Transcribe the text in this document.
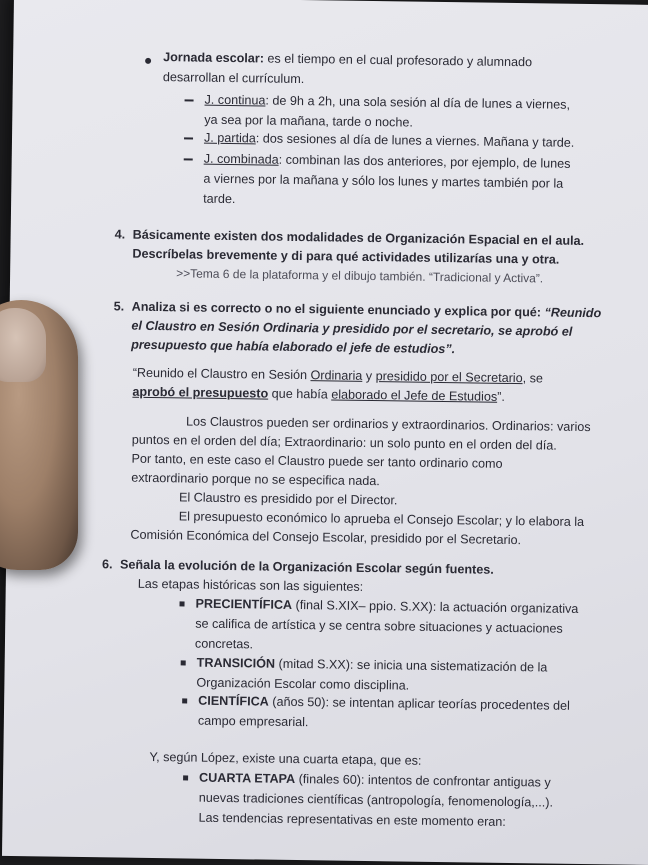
Jornada escolar: es el tiempo en el cual profesorado y alumnado
desarrollan el currículum.
J. continua: de 9h a 2h, una sola sesión al día de lunes a viernes,
ya sea por la mañana, tarde o noche.
J. partida: dos sesiones al día de lunes a viernes. Mañana y tarde.
J. combinada: combinan las dos anteriores, por ejemplo, de lunes
a viernes por la mañana y sólo los lunes y martes también por la
tarde.
4. Básicamente existen dos modalidades de Organización Espacial en el aula.
Descríbelas brevemente y di para qué actividades utilizarías una y otra.
>>Tema 6 de la plataforma y el dibujo también. “Tradicional y Activa”.
5. Analiza si es correcto o no el siguiente enunciado y explica por qué: “Reunido
el Claustro en Sesión Ordinaria y presidido por el secretario, se aprobó el
presupuesto que había elaborado el jefe de estudios”.
“Reunido el Claustro en Sesión Ordinaria y presidido por el Secretario, se
aprobó el presupuesto que había elaborado el Jefe de Estudios”.
Los Claustros pueden ser ordinarios y extraordinarios. Ordinarios: varios
puntos en el orden del día; Extraordinario: un solo punto en el orden del día.
Por tanto, en este caso el Claustro puede ser tanto ordinario como
extraordinario porque no se especifica nada.
El Claustro es presidido por el Director.
El presupuesto económico lo aprueba el Consejo Escolar; y lo elabora la
Comisión Económica del Consejo Escolar, presidido por el Secretario.
6. Señala la evolución de la Organización Escolar según fuentes.
Las etapas históricas son las siguientes:
PRECIENTÍFICA (final S.XIX– ppio. S.XX): la actuación organizativa
se califica de artística y se centra sobre situaciones y actuaciones
concretas.
TRANSICIÓN (mitad S.XX): se inicia una sistematización de la
Organización Escolar como disciplina.
CIENTÍFICA (años 50): se intentan aplicar teorías procedentes del
campo empresarial.
Y, según López, existe una cuarta etapa, que es:
CUARTA ETAPA (finales 60): intentos de confrontar antiguas y
nuevas tradiciones científicas (antropología, fenomenología,...).
Las tendencias representativas en este momento eran:
